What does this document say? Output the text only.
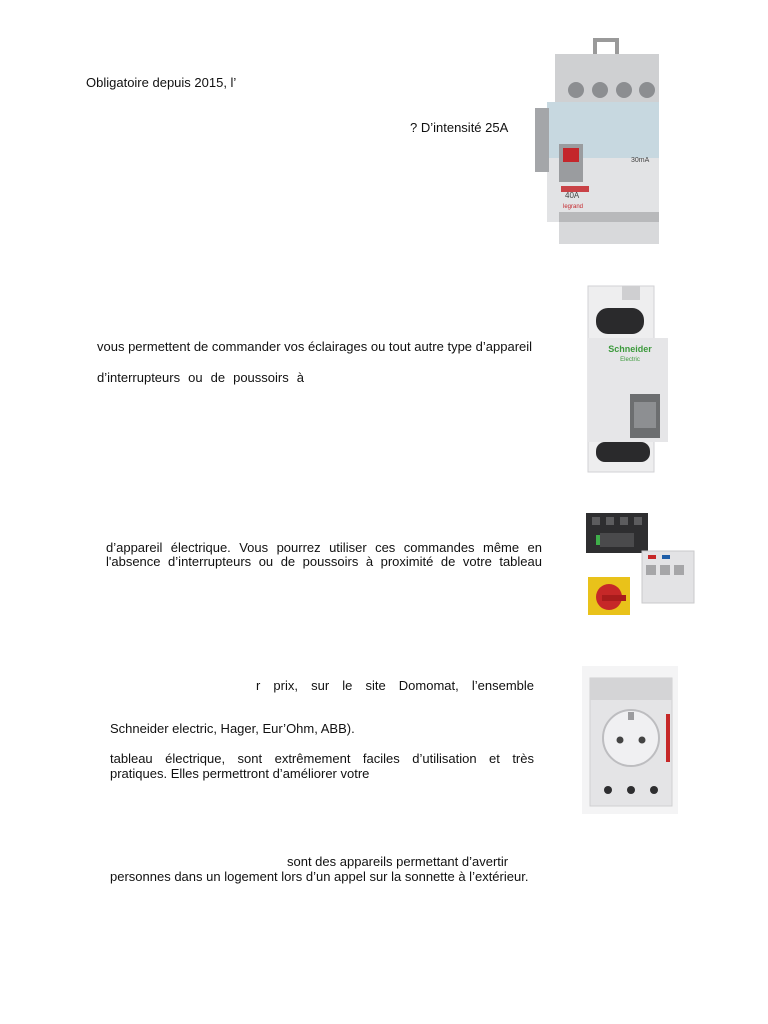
Obligatoire depuis 2015, l’
? D’intensité 25A
40A
legrand
30mA
vous permettent de commander vos éclairages ou tout autre type d’appareil
d’interrupteurs ou de poussoirs à
Schneider
Electric
d’appareil électrique. Vous pourrez utiliser ces commandes même en
l'absence d’interrupteurs ou de poussoirs à proximité de votre tableau
r prix, sur le site Domomat, l’ensemble
Schneider electric, Hager, Eur’Ohm, ABB).
tableau électrique, sont extrêmement faciles d’utilisation et très
pratiques. Elles permettront d’améliorer votre
sont des appareils permettant d’avertir
personnes dans un logement lors d’un appel sur la sonnette à l’extérieur.
